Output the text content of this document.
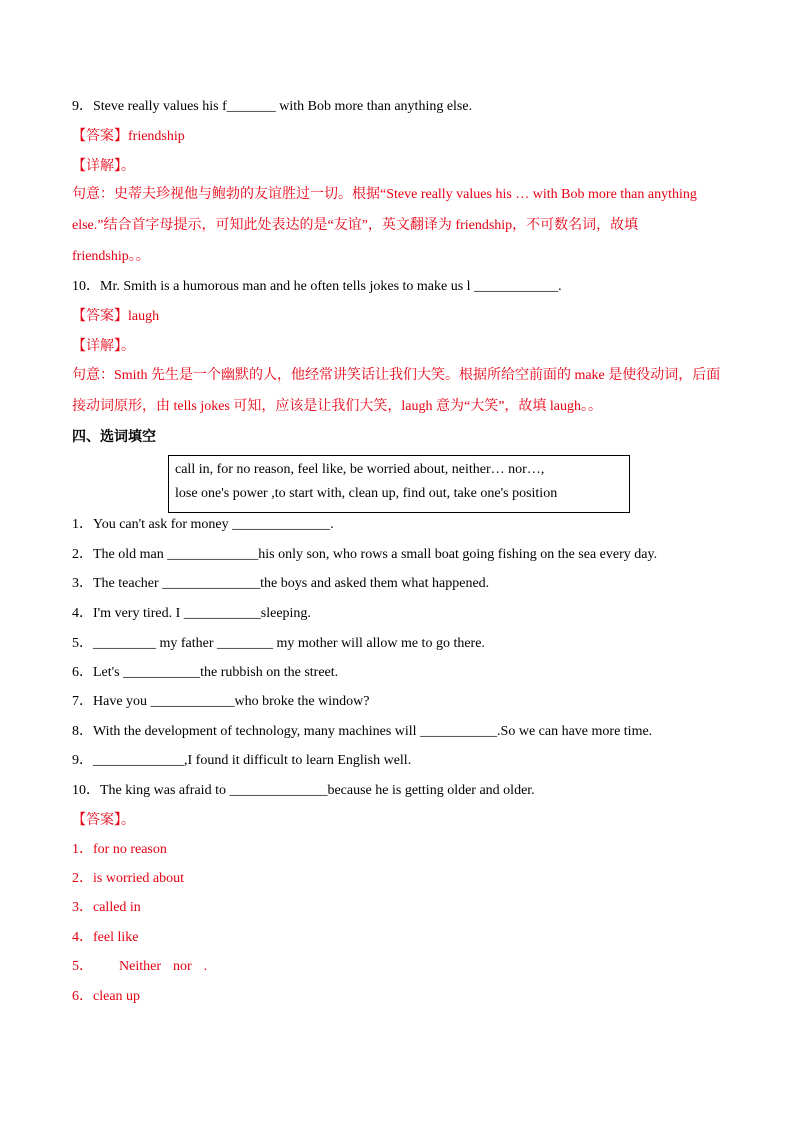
9．Steve really values his f_______ with Bob more than anything else.
【答案】friendship
【详解】。
句意：史蒂夫珍视他与鲍勃的友谊胜过一切。根据“Steve really values his … with Bob more than anything
else.”结合首字母提示，可知此处表达的是“友谊”，英文翻译为 friendship，不可数名词，故填
friendship。。
10．Mr. Smith is a humorous man and he often tells jokes to make us l ____________.
【答案】laugh
【详解】。
句意：Smith 先生是一个幽默的人，他经常讲笑话让我们大笑。根据所给空前面的 make 是使役动词，后面
接动词原形，由 tells jokes 可知，应该是让我们大笑，laugh 意为“大笑”，故填 laugh。。
四、选词填空
call in, for no reason, feel like, be worried about, neither… nor…,
lose one's power ,to start with, clean up, find out, take one's position
1．You can't ask for money ______________.
2．The old man _____________his only son, who rows a small boat going fishing on the sea every day.
3．The teacher ______________the boys and asked them what happened.
4．I'm very tired. I ___________sleeping.
5．_________ my father ________ my mother will allow me to go there.
6．Let's ___________the rubbish on the street.
7．Have you ____________who broke the window?
8．With the development of technology, many machines will ___________.So we can have more time.
9．_____________,I found it difficult to learn English well.
10．The king was afraid to ______________because he is getting older and older.
【答案】。
1．for no reason
2．is worried about
3．called in
4．feel like
5． Neither nor .
6．clean up
